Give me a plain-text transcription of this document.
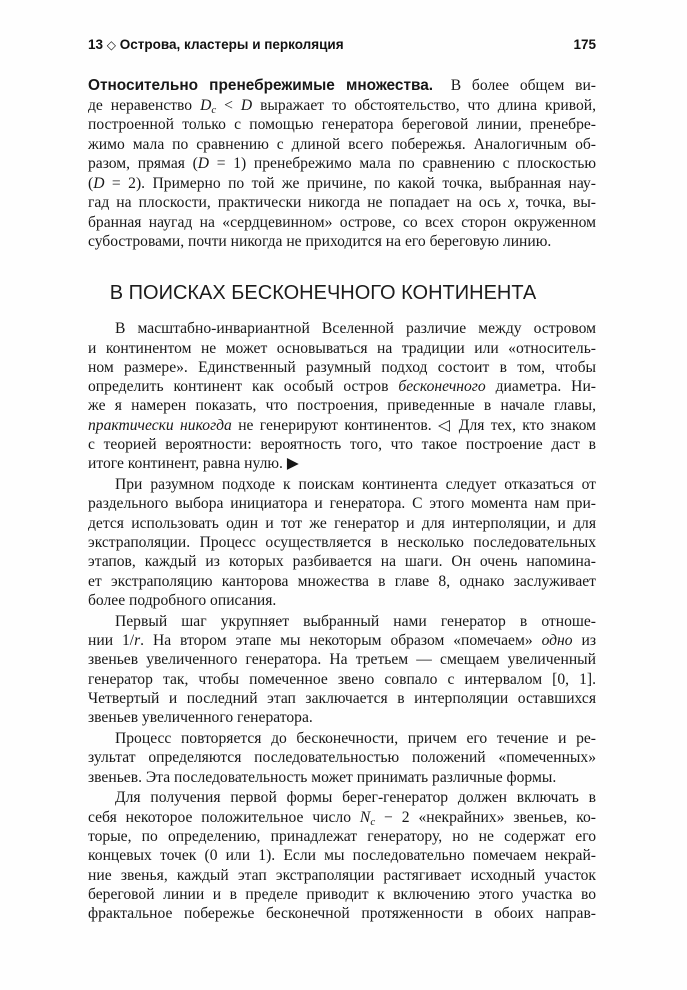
13 ◇ Острова, кластеры и перколяция	175
Относительно пренебрежимые множества. В более общем ви-
де неравенство Dc < D выражает то обстоятельство, что длина кривой,
построенной только с помощью генератора береговой линии, пренебре-
жимо мала по сравнению с длиной всего побережья. Аналогичным об-
разом, прямая (D = 1) пренебрежимо мала по сравнению с плоскостью
(D = 2). Примерно по той же причине, по какой точка, выбранная нау-
гад на плоскости, практически никогда не попадает на ось x, точка, вы-
бранная наугад на «сердцевинном» острове, со всех сторон окруженном
субостровами, почти никогда не приходится на его береговую линию.
В ПОИСКАХ БЕСКОНЕЧНОГО КОНТИНЕНТА
В масштабно-инвариантной Вселенной различие между островом
и континентом не может основываться на традиции или «относитель-
ном размере». Единственный разумный подход состоит в том, чтобы
определить континент как особый остров бесконечного диаметра. Ни-
же я намерен показать, что построения, приведенные в начале главы,
практически никогда не генерируют континентов. ◁ Для тех, кто знаком
с теорией вероятности: вероятность того, что такое построение даст в
итоге континент, равна нулю. ▶
При разумном подходе к поискам континента следует отказаться от
раздельного выбора инициатора и генератора. С этого момента нам при-
дется использовать один и тот же генератор и для интерполяции, и для
экстраполяции. Процесс осуществляется в несколько последовательных
этапов, каждый из которых разбивается на шаги. Он очень напомина-
ет экстраполяцию канторова множества в главе 8, однако заслуживает
более подробного описания.
Первый шаг укрупняет выбранный нами генератор в отноше-
нии 1/r. На втором этапе мы некоторым образом «помечаем» одно из
звеньев увеличенного генератора. На третьем — смещаем увеличенный
генератор так, чтобы помеченное звено совпало с интервалом [0, 1].
Четвертый и последний этап заключается в интерполяции оставшихся
звеньев увеличенного генератора.
Процесс повторяется до бесконечности, причем его течение и ре-
зультат определяются последовательностью положений «помеченных»
звеньев. Эта последовательность может принимать различные формы.
Для получения первой формы берег-генератор должен включать в
себя некоторое положительное число Nc − 2 «некрайних» звеньев, ко-
торые, по определению, принадлежат генератору, но не содержат его
концевых точек (0 или 1). Если мы последовательно помечаем некрай-
ние звенья, каждый этап экстраполяции растягивает исходный участок
береговой линии и в пределе приводит к включению этого участка во
фрактальное побережье бесконечной протяженности в обоих направ-
